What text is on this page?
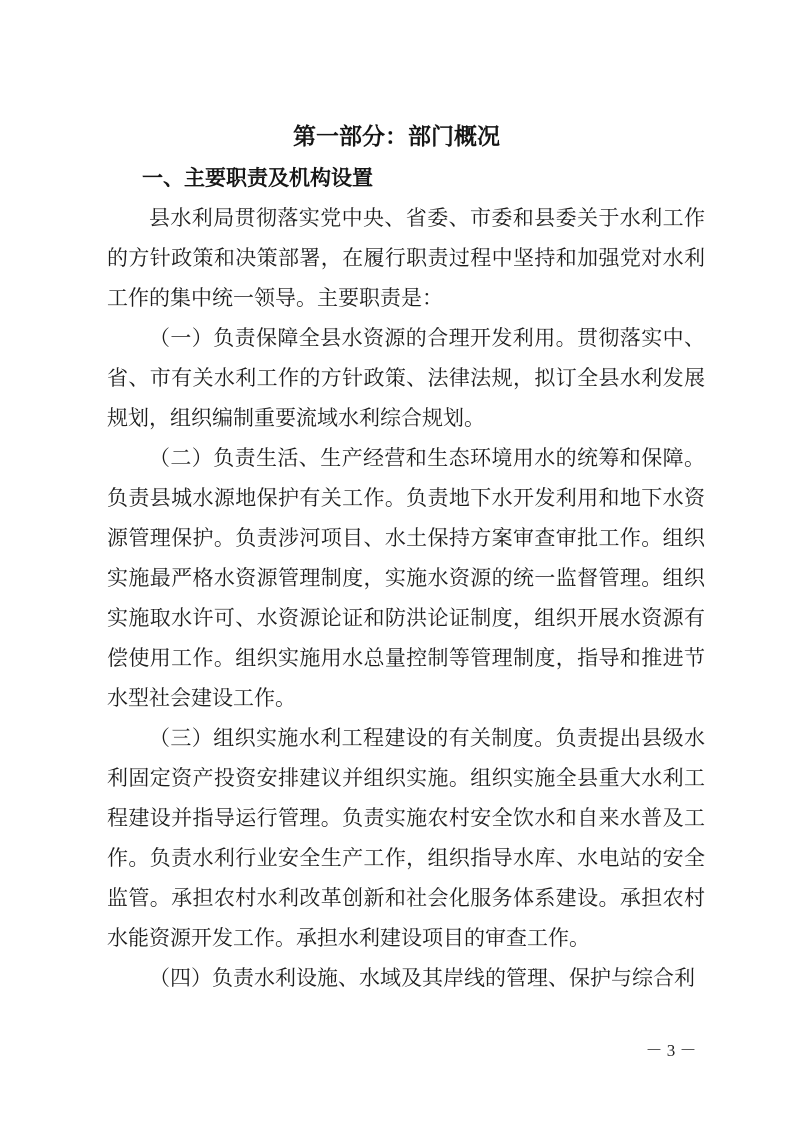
第一部分：部门概况
一、主要职责及机构设置

县水利局贯彻落实党中央、省委、市委和县委关于水利工作的方针政策和决策部署，在履行职责过程中坚持和加强党对水利工作的集中统一领导。主要职责是：

（一）负责保障全县水资源的合理开发利用。贯彻落实中、省、市有关水利工作的方针政策、法律法规，拟订全县水利发展规划，组织编制重要流域水利综合规划。

（二）负责生活、生产经营和生态环境用水的统筹和保障。负责县城水源地保护有关工作。负责地下水开发利用和地下水资源管理保护。负责涉河项目、水土保持方案审查审批工作。组织实施最严格水资源管理制度，实施水资源的统一监督管理。组织实施取水许可、水资源论证和防洪论证制度，组织开展水资源有偿使用工作。组织实施用水总量控制等管理制度，指导和推进节水型社会建设工作。

（三）组织实施水利工程建设的有关制度。负责提出县级水利固定资产投资安排建议并组织实施。组织实施全县重大水利工程建设并指导运行管理。负责实施农村安全饮水和自来水普及工作。负责水利行业安全生产工作，组织指导水库、水电站的安全监管。承担农村水利改革创新和社会化服务体系建设。承担农村水能资源开发工作。承担水利建设项目的审查工作。

（四）负责水利设施、水域及其岸线的管理、保护与综合利

－ 3 －
